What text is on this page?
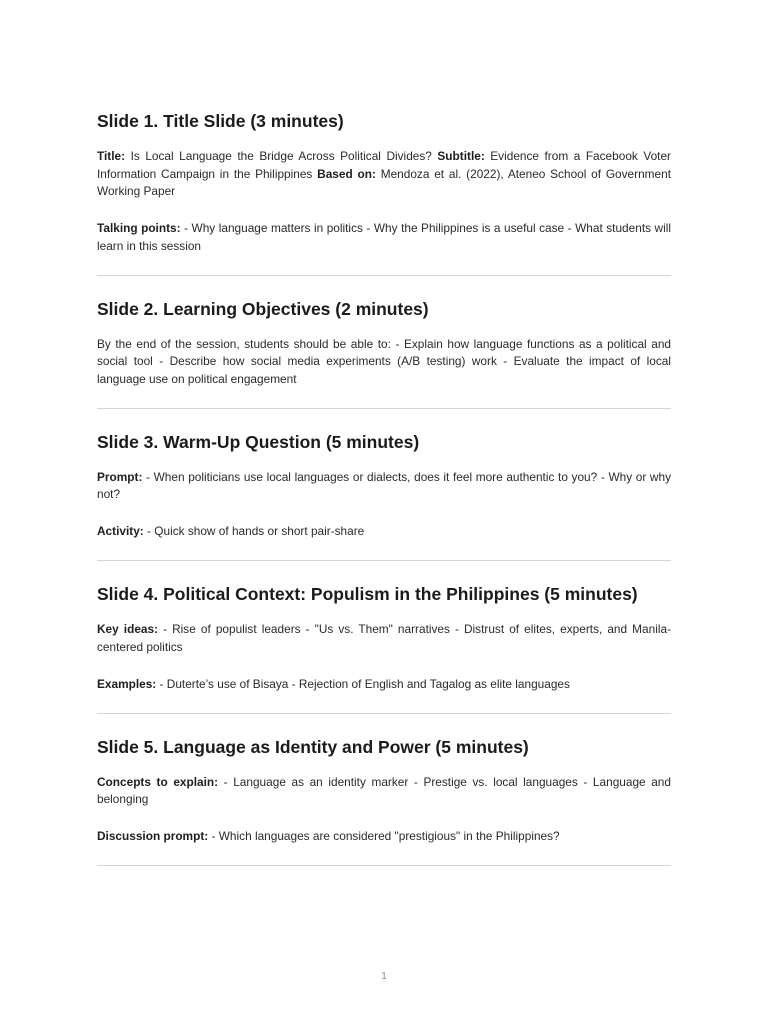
Slide 1. Title Slide (3 minutes)

Title: Is Local Language the Bridge Across Political Divides? Subtitle: Evidence from a Facebook Voter Information Campaign in the Philippines Based on: Mendoza et al. (2022), Ateneo School of Government Working Paper

Talking points: - Why language matters in politics - Why the Philippines is a useful case - What students will learn in this session

Slide 2. Learning Objectives (2 minutes)

By the end of the session, students should be able to: - Explain how language functions as a political and social tool - Describe how social media experiments (A/B testing) work - Evaluate the impact of local language use on political engagement

Slide 3. Warm-Up Question (5 minutes)

Prompt: - When politicians use local languages or dialects, does it feel more authentic to you? - Why or why not?

Activity: - Quick show of hands or short pair-share

Slide 4. Political Context: Populism in the Philippines (5 minutes)

Key ideas: - Rise of populist leaders - "Us vs. Them" narratives - Distrust of elites, experts, and Manila-centered politics

Examples: - Duterte’s use of Bisaya - Rejection of English and Tagalog as elite languages

Slide 5. Language as Identity and Power (5 minutes)

Concepts to explain: - Language as an identity marker - Prestige vs. local languages - Language and belonging

Discussion prompt: - Which languages are considered "prestigious" in the Philippines?

1
